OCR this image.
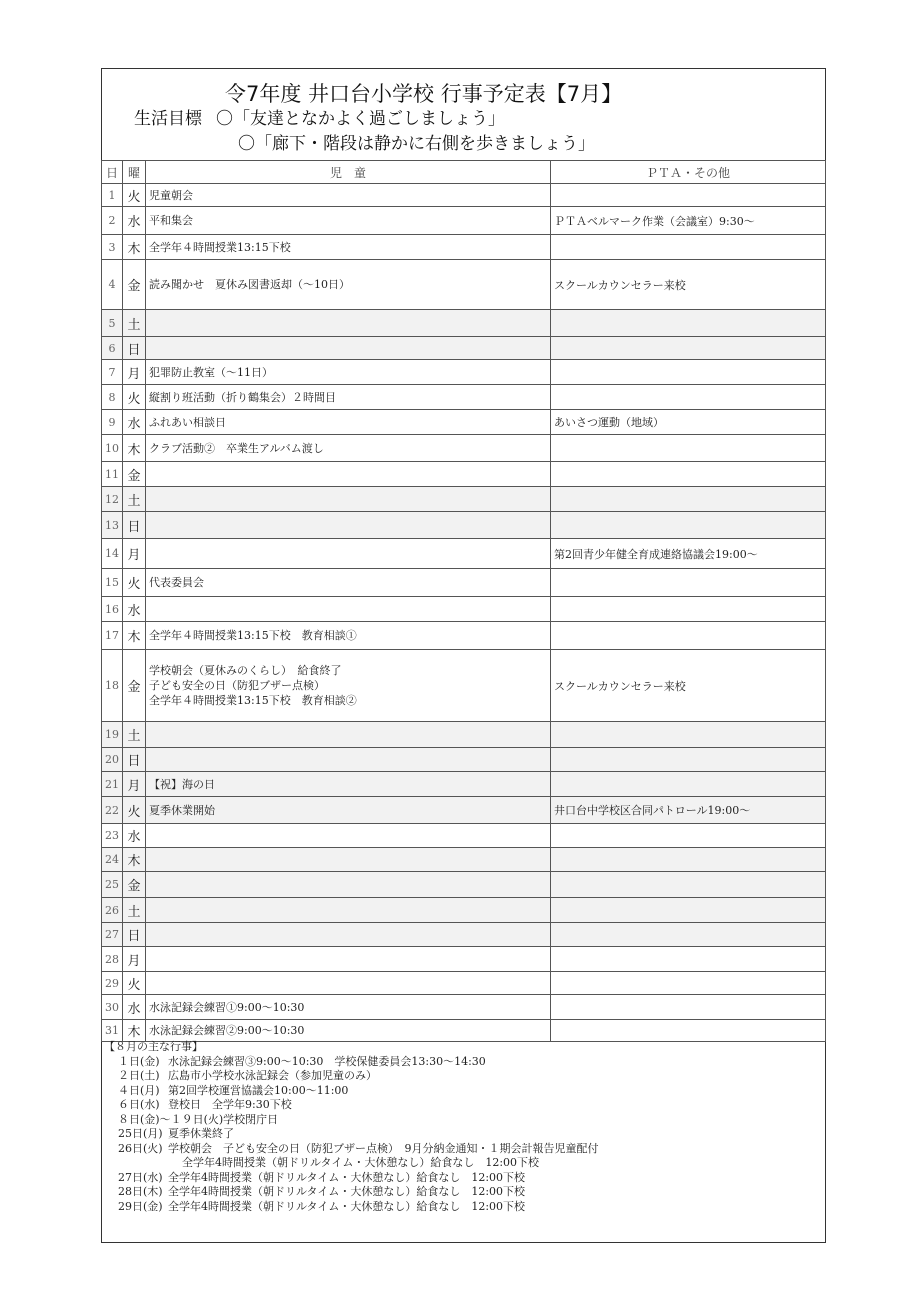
令7年度 井口台小学校 行事予定表【7月】
生活目標 〇「友達となかよく過ごしましょう」
〇「廊下・階段は静かに右側を歩きましょう」
日	曜	児　童	ＰＴＡ・その他
1	火	児童朝会	
2	水	平和集会	ＰＴＡベルマーク作業（会議室）9:30～
3	木	全学年４時間授業13:15下校	
4	金	読み聞かせ　夏休み図書返却（～10日）	スクールカウンセラー来校
5	土		
6	日		
7	月	犯罪防止教室（～11日）	
8	火	縦割り班活動（折り鶴集会）２時間目	
9	水	ふれあい相談日	あいさつ運動（地域）
10	木	クラブ活動②　卒業生アルバム渡し	
11	金		
12	土		
13	日		
14	月		第2回青少年健全育成連絡協議会19:00～
15	火	代表委員会	
16	水		
17	木	全学年４時間授業13:15下校　教育相談①	
18	金	学校朝会（夏休みのくらし）　給食終了
子ども安全の日（防犯ブザー点検）
全学年４時間授業13:15下校　教育相談②	スクールカウンセラー来校
19	土		
20	日		
21	月	【祝】海の日	
22	火	夏季休業開始	井口台中学校区合同パトロール19:00～
23	水		
24	木		
25	金		
26	土		
27	日		
28	月		
29	火		
30	水	水泳記録会練習①9:00～10:30	
31	木	水泳記録会練習②9:00～10:30	
【８月の主な行事】
１日(金) 水泳記録会練習③9:00～10:30　学校保健委員会13:30～14:30
２日(土) 広島市小学校水泳記録会（参加児童のみ）
４日(月) 第2回学校運営協議会10:00～11:00
６日(水) 登校日　全学年9:30下校
８日(金)～１９日(火)学校閉庁日
25日(月) 夏季休業終了
26日(火) 学校朝会　子ども安全の日（防犯ブザー点検）　9月分納金通知・１期会計報告児童配付
全学年4時間授業（朝ドリルタイム・大休憩なし）給食なし　12:00下校
27日(水) 全学年4時間授業（朝ドリルタイム・大休憩なし）給食なし　12:00下校
28日(木) 全学年4時間授業（朝ドリルタイム・大休憩なし）給食なし　12:00下校
29日(金) 全学年4時間授業（朝ドリルタイム・大休憩なし）給食なし　12:00下校
